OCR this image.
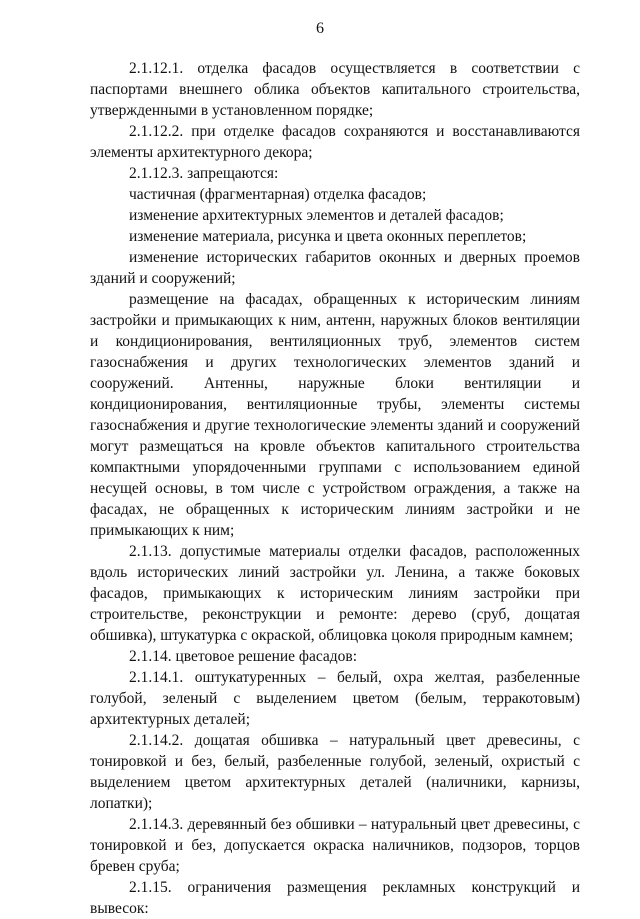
6

2.1.12.1. отделка фасадов осуществляется в соответствии с паспортами внешнего облика объектов капитального строительства, утвержденными в установленном порядке;

2.1.12.2. при отделке фасадов сохраняются и восстанавливаются элементы архитектурного декора;

2.1.12.3. запрещаются:

частичная (фрагментарная) отделка фасадов;

изменение архитектурных элементов и деталей фасадов;

изменение материала, рисунка и цвета оконных переплетов;

изменение исторических габаритов оконных и дверных проемов зданий и сооружений;

размещение на фасадах, обращенных к историческим линиям застройки и примыкающих к ним, антенн, наружных блоков вентиляции и кондиционирования, вентиляционных труб, элементов систем газоснабжения и других технологических элементов зданий и сооружений. Антенны, наружные блоки вентиляции и кондиционирования, вентиляционные трубы, элементы системы газоснабжения и другие технологические элементы зданий и сооружений могут размещаться на кровле объектов капитального строительства компактными упорядоченными группами с использованием единой несущей основы, в том числе с устройством ограждения, а также на фасадах, не обращенных к историческим линиям застройки и не примыкающих к ним;

2.1.13. допустимые материалы отделки фасадов, расположенных вдоль исторических линий застройки ул. Ленина, а также боковых фасадов, примыкающих к историческим линиям застройки при строительстве, реконструкции и ремонте: дерево (сруб, дощатая обшивка), штукатурка с окраской, облицовка цоколя природным камнем;

2.1.14. цветовое решение фасадов:

2.1.14.1. оштукатуренных – белый, охра желтая, разбеленные голубой, зеленый с выделением цветом (белым, терракотовым) архитектурных деталей;

2.1.14.2. дощатая обшивка – натуральный цвет древесины, с тонировкой и без, белый, разбеленные голубой, зеленый, охристый с выделением цветом архитектурных деталей (наличники, карнизы, лопатки);

2.1.14.3. деревянный без обшивки – натуральный цвет древесины, с тонировкой и без, допускается окраска наличников, подзоров, торцов бревен сруба;

2.1.15. ограничения размещения рекламных конструкций и вывесок:
